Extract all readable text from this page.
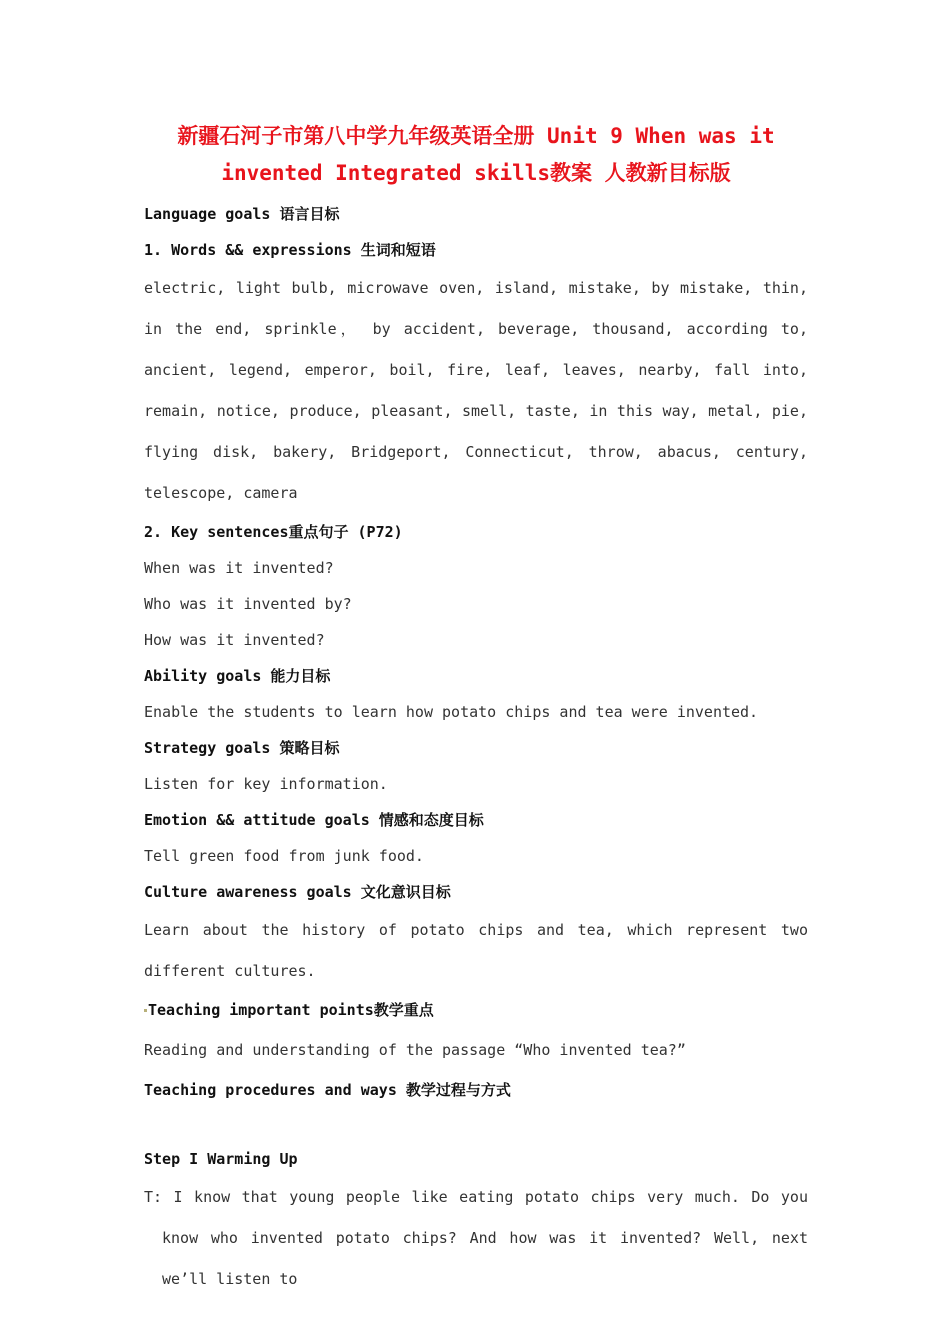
新疆石河子市第八中学九年级英语全册 Unit 9 When was it invented Integrated skills教案 人教新目标版

Language goals 语言目标

1. Words && expressions 生词和短语

electric, light bulb, microwave oven, island, mistake, by mistake, thin, in the end, sprinkle， by accident, beverage, thousand, according to, ancient, legend, emperor, boil, fire, leaf, leaves, nearby, fall into, remain, notice, produce, pleasant, smell, taste, in this way, metal, pie, flying disk, bakery, Bridgeport, Connecticut, throw, abacus, century, telescope, camera

2. Key sentences重点句子 (P72)

When was it invented?

Who was it invented by?

How was it invented?

Ability goals 能力目标

Enable the students to learn how potato chips and tea were invented.

Strategy goals 策略目标

Listen for key information.

Emotion && attitude goals 情感和态度目标

Tell green food from junk food.

Culture awareness goals 文化意识目标

Learn about the history of potato chips and tea, which represent two different cultures.

Teaching important points教学重点

Reading and understanding of the passage “Who invented tea?”

Teaching procedures and ways 教学过程与方式

Step I Warming Up

T: I know that young people like eating potato chips very much. Do you know who invented potato chips? And how was it invented? Well, next we’ll listen to
